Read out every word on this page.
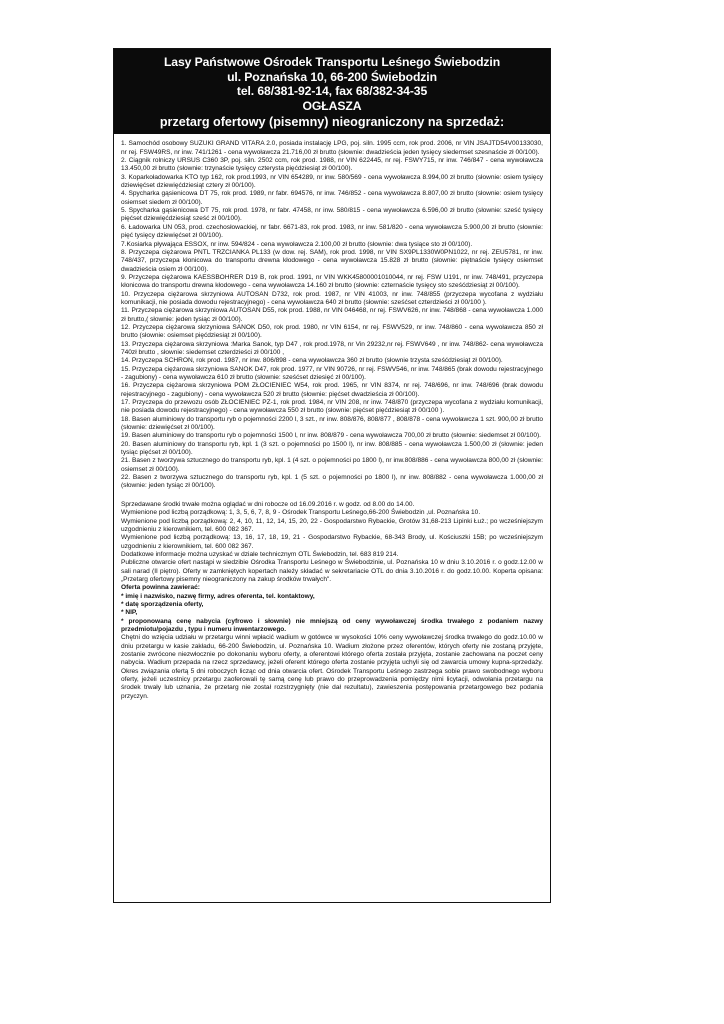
Lasy Państwowe Ośrodek Transportu Leśnego Świebodzin
ul. Poznańska 10, 66-200 Świebodzin
tel. 68/381-92-14, fax 68/382-34-35
OGŁASZA
przetarg ofertowy (pisemny) nieograniczony na sprzedaż:

1. Samochód osobowy SUZUKI GRAND VITARA 2.0, posiada instalację LPG, poj. siln. 1995 ccm, rok prod. 2006, nr VIN JSAJTD54V00133030, nr rej. FSW49RS, nr inw. 741/1261 - cena wywoławcza 21.716,00 zł brutto (słownie: dwadzieścia jeden tysięcy siedemset szesnaście zł 00/100).

2. Ciągnik rolniczy URSUS C360 3P, poj. siln. 2502 ccm, rok prod. 1988, nr VIN 622445, nr rej. FSWY715, nr inw. 746/847 - cena wywoławcza 13.450,00 zł brutto (słownie: trzynaście tysięcy czterysta pięćdziesiąt zł 00/100).

3. Koparkoładowarka KTO typ 162, rok prod.1993, nr VIN 654289, nr inw. 580/569 - cena wywoławcza 8.994,00 zł brutto (słownie: osiem tysięcy dziewięćset dziewięćdziesiąt cztery zł 00/100).

4. Spycharka gąsienicowa DT 75, rok prod. 1989, nr fabr. 694576, nr inw. 746/852 - cena wywoławcza 8.807,00 zł brutto (słownie: osiem tysięcy osiemset siedem zł 00/100).

5. Spycharka gąsienicowa DT 75, rok prod. 1978, nr fabr. 47458, nr inw. 580/815 - cena wywoławcza 6.596,00 zł brutto (słownie: sześć tysięcy pięćset dziewięćdziesiąt sześć zł 00/100).

6. Ładowarka UN 053, prod. czechosłowackiej, nr fabr. 6671-83, rok prod. 1983, nr inw. 581/820 - cena wywoławcza 5.900,00 zł brutto (słownie: pięć tysięcy dziewięćset zł 00/100).

7.Kosiarka pływająca ESSOX, nr inw. 594/824 - cena wywoławcza 2.100,00 zł brutto (słownie: dwa tysiące sto zł 00/100).

8. Przyczepa ciężarowa PNTL TRZCIANKA PL133 (w dow. rej. SAM), rok prod. 1998, nr VIN SX9PL1330W0PN1022, nr rej. ZEU5781, nr inw. 748/437, przyczepa kłonicowa do transportu drewna kłodowego - cena wywoławcza 15.828 zł brutto (słownie: piętnaście tysięcy osiemset dwadzieścia osiem zł 00/100).

9. Przyczepa ciężarowa KAESSBOHRER D19 B, rok prod. 1991, nr VIN WKK45800001010044, nr rej. FSW U191, nr inw. 748/491, przyczepa kłonicowa do transportu drewna kłodowego - cena wywoławcza 14.160 zł brutto (słownie: czternaście tysięcy sto sześćdziesiąt zł 00/100).

10. Przyczepa ciężarowa skrzyniowa AUTOSAN D732, rok prod. 1987, nr VIN 41003, nr inw. 748/855 (przyczepa wycofana z wydziału komunikacji, nie posiada dowodu rejestracyjnego) - cena wywoławcza 640 zł brutto (słownie: sześćset czterdzieści zł 00/100 ).

11. Przyczepa ciężarowa skrzyniowa AUTOSAN D55, rok prod. 1988, nr VIN 046468, nr rej. FSWV626, nr inw. 748/868 - cena wywoławcza 1.000 zł brutto,( słownie: jeden tysiąc zł 00/100).

12. Przyczepa ciężarowa skrzyniowa SANOK D50, rok prod. 1980, nr VIN 6154, nr rej. FSWV529, nr inw. 748/860 - cena wywoławcza 850 zł brutto (słownie: osiemset pięćdziesiąt zł 00/100).

13. Przyczepa ciężarowa skrzyniowa :Marka Sanok, typ D47 , rok prod.1978, nr Vin 29232,nr rej. FSWV649 , nr inw. 748/862- cena wywoławcza 740zł brutto , słownie: siedemset czterdzieści zł 00/100 ,

14. Przyczepa SCHRON, rok prod. 1987, nr inw. 806/898 - cena wywoławcza 360 zł brutto (słownie trzysta sześćdziesiąt zł 00/100).

15. Przyczepa ciężarowa skrzyniowa SANOK D47, rok prod. 1977, nr VIN 90726, nr rej. FSWV546, nr inw. 748/865 (brak dowodu rejestracyjnego - zagubiony) - cena wywoławcza 610 zł brutto (słownie: sześćset dziesięć zł 00/100).

16. Przyczepa ciężarowa skrzyniowa POM ZŁOCIENIEC W54, rok prod. 1965, nr VIN 8374, nr rej. 748/696, nr inw. 748/696 (brak dowodu rejestracyjnego - zagubiony) - cena wywoławcza 520 zł brutto (słownie: pięćset dwadzieścia zł 00/100).

17. Przyczepa do przewozu osób ZŁOCIENIEC PZ-1, rok prod. 1984, nr VIN 208, nr inw. 748/870 (przyczepa wycofana z wydziału komunikacji, nie posiada dowodu rejestracyjnego) - cena wywoławcza 550 zł brutto (słownie: pięćset pięćdziesiąt zł 00/100 ).

18. Basen aluminiowy do transportu ryb o pojemności 2200 l, 3 szt., nr inw. 808/876, 808/877 , 808/878 - cena wywoławcza 1 szt. 900,00 zł brutto (słownie: dziewięćset zł 00/100).

19. Basen aluminiowy do transportu ryb o pojemności 1500 l, nr inw. 808/879 - cena wywoławcza 700,00 zł brutto (słownie: siedemset zł 00/100).

20. Basen aluminiowy do transportu ryb, kpl. 1 (3 szt. o pojemności po 1500 l), nr inw. 808/885 - cena wywoławcza 1.500,00 zł (słownie: jeden tysiąc pięćset zł 00/100).

21. Basen z tworzywa sztucznego do transportu ryb, kpl. 1 (4 szt. o pojemności po 1800 l), nr inw.808/886 - cena wywoławcza 800,00 zł (słownie: osiemset zł 00/100).

22. Basen z tworzywa sztucznego do transportu ryb, kpl. 1 (5 szt. o pojemności po 1800 l), nr inw. 808/882 - cena wywoławcza 1.000,00 zł (słownie: jeden tysiąc zł 00/100).

Sprzedawane środki trwałe można oglądać w dni robocze od 16.09.2016 r. w godz. od 8.00 do 14.00.

Wymienione pod liczbą porządkową: 1, 3, 5, 6, 7, 8, 9 - Ośrodek Transportu Leśnego,66-200 Świebodzin ,ul. Poznańska 10.

Wymienione pod liczbą porządkową: 2, 4, 10, 11, 12, 14, 15, 20, 22 - Gospodarstwo Rybackie, Grotów 31,68-213 Lipinki Łuż.; po wcześniejszym uzgodnieniu z kierownikiem, tel. 600 082 367.

Wymienione pod liczbą porządkową: 13, 16, 17, 18, 19, 21 - Gospodarstwo Rybackie, 68-343 Brody, ul. Kościuszki 15B; po wcześniejszym uzgodnieniu z kierownikiem, tel. 600 082 367.

Dodatkowe informacje można uzyskać w dziale technicznym OTL Świebodzin, tel. 683 819 214.

Publiczne otwarcie ofert nastąpi w siedzibie Ośrodka Transportu Leśnego w Świebodzinie, ul. Poznańska 10 w dniu 3.10.2016 r. o godz.12.00 w sali narad (II piętro). Oferty w zamkniętych kopertach należy składać w sekretariacie OTL do dnia 3.10.2016 r. do godz.10.00. Koperta opisana: „Przetarg ofertowy pisemny nieograniczony na zakup środków trwałych".

Oferta powinna zawierać:

* imię i nazwisko, nazwę firmy, adres oferenta, tel. kontaktowy,

* datę sporządzenia oferty,

* NIP,

* proponowaną cenę nabycia (cyfrowo i słownie) nie mniejszą od ceny wywoławczej środka trwałego z podaniem nazwy przedmiotu/pojazdu , typu i numeru inwentarzowego.

Chętni do wzięcia udziału w przetargu winni wpłacić wadium w gotówce w wysokości 10% ceny wywoławczej środka trwałego do godz.10.00 w dniu przetargu w kasie zakładu, 66-200 Świebodzin, ul. Poznańska 10. Wadium złożone przez oferentów, których oferty nie zostaną przyjęte, zostanie zwrócone niezwłocznie po dokonaniu wyboru oferty, a oferentowi którego oferta została przyjęta, zostanie zachowana na poczet ceny nabycia. Wadium przepada na rzecz sprzedawcy, jeżeli oferent którego oferta zostanie przyjęta uchyli się od zawarcia umowy kupna-sprzedaży. Okres związania ofertą 5 dni roboczych licząc od dnia otwarcia ofert. Ośrodek Transportu Leśnego zastrzega sobie prawo swobodnego wyboru oferty, jeżeli uczestnicy przetargu zaoferowali tę samą cenę lub prawo do przeprowadzenia pomiędzy nimi licytacji, odwołania przetargu na środek trwały lub uznania, że przetarg nie został rozstrzygnięty (nie dał rezultatu), zawieszenia postępowania przetargowego bez podania przyczyn.
